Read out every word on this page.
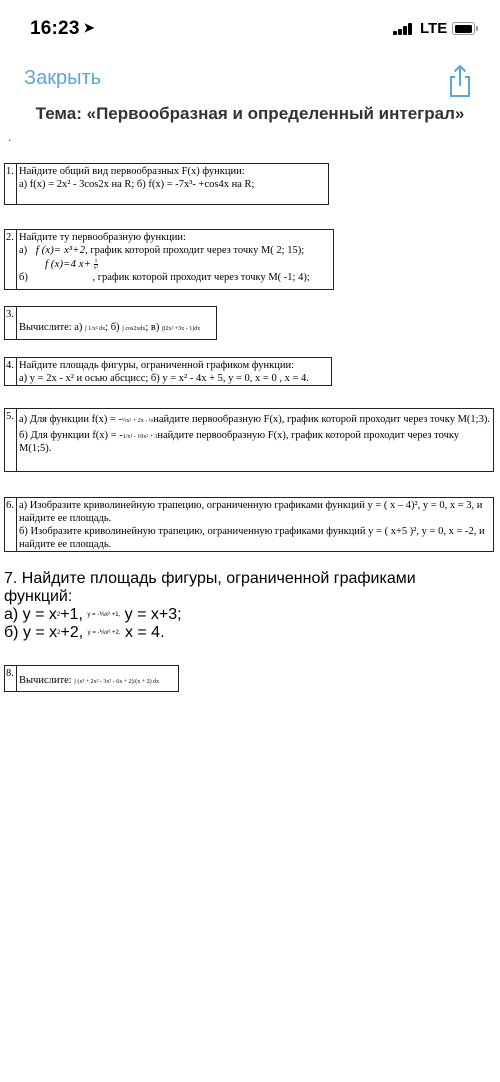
16:23 ➤	LTE
Закрыть
Тема: «Первообразная и определенный интеграл»
.
1. Найдите общий вид первообразных F(x) функции:
а) f(x) = 2x² - 3cos2x на R; б) f(x) = -7x³- +cos4x на R;
2. Найдите ту первообразную функции:
а) f (x)= x³+2, график которой проходит через точку M( 2; 15);
f (x)=4 $x+ \frac{1}{\text{x²}}$
б)	, график которой проходит через точку M( -1; 4);
3.
Вычислите: а) ∫ 1/x² dx; б) ∫ cos2xdx; в) ∫(2x² +3x - 1)dx
4. Найдите площадь фигуры, ограниченной графиком функции:
а) y = 2x - x² и осью абсцисс; б) y = x² - 4x + 5, y = 0, x = 0 , x = 4.
5. а) Для функции f(x) = -½x² + 2x - ⅛найдите первообразную F(x), график которой проходит через точку M(1;3).
б) Для функции f(x) = -1/x² - 10x² + 3найдите первообразную F(x), график которой проходит через точку M(1;5).
6. а) Изобразите криволинейную трапецию, ограниченную графиками функций y = ( x – 4)², y = 0, x = 3, и найдите ее площадь.
б) Изобразите криволинейную трапецию, ограниченную графиками функций y = ( x+5 )², y = 0, x = -2, и найдите ее площадь.
7. Найдите площадь фигуры, ограниченной графиками
функций:
а) y = x2+1, y = -⅑x² +1, y = x+3;
б) y = x2+2, y = -⅑x² +2, x = 4.
8.
Вычислите: ∫ (x³ + 2x² - 3x² - 6x + 2)/(x + 2) dx
